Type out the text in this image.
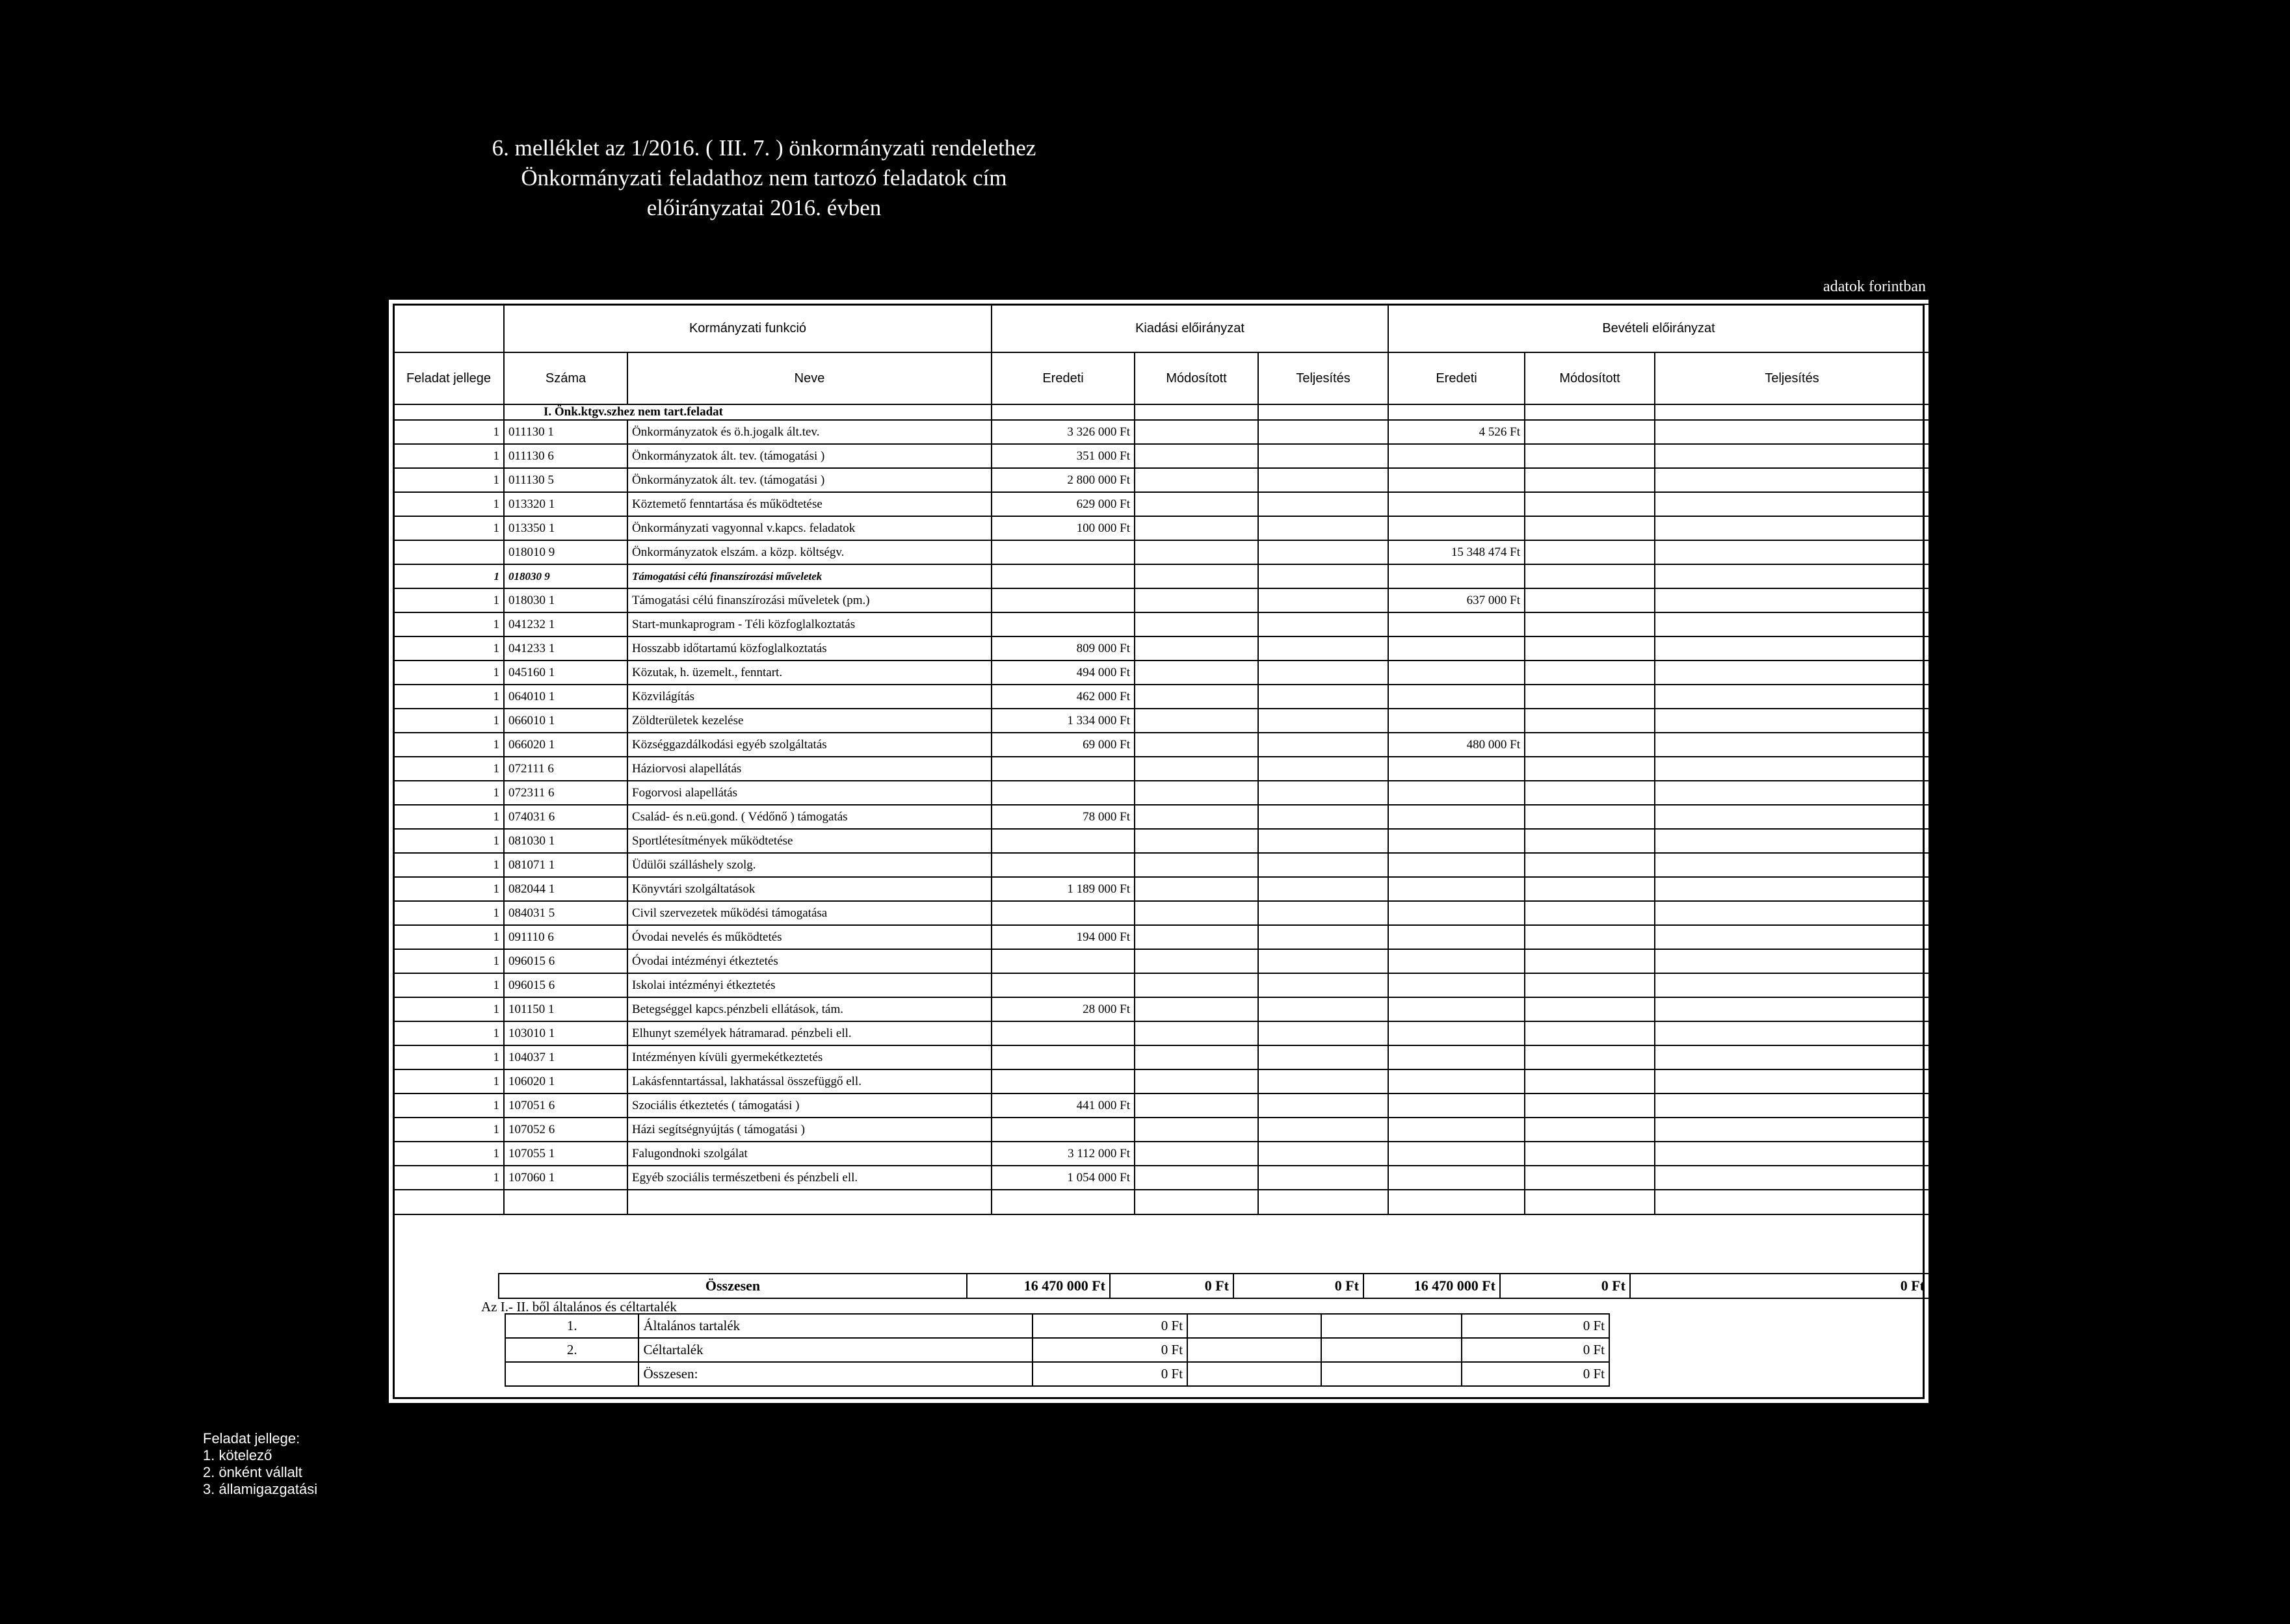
6. melléklet az 1/2016. ( III. 7. ) önkormányzati rendelethez
Önkormányzati feladathoz nem tartozó feladatok cím
előirányzatai 2016. évben
adatok forintban
	Kormányzati funkció		Kiadási előirányzat			Bevételi előirányzat		
Feladat jellege	Száma	Neve	Eredeti	Módosított	Teljesítés	Eredeti	Módosított	Teljesítés
	I. Önk.ktgv.szhez nem tart.feladat							
1	011130 1	Önkormányzatok és ö.h.jogalk ált.tev.	3 326 000 Ft			4 526 Ft		
1	011130 6	Önkormányzatok ált. tev. (támogatási )	351 000 Ft					
1	011130 5	Önkormányzatok ált. tev. (támogatási )	2 800 000 Ft					
1	013320 1	Köztemető fenntartása és működtetése	629 000 Ft					
1	013350 1	Önkormányzati vagyonnal v.kapcs. feladatok	100 000 Ft					
	018010 9	Önkormányzatok elszám. a közp. költségv.				15 348 474 Ft		
1	018030 9	Támogatási célú finanszírozási műveletek						
1	018030 1	Támogatási célú finanszírozási műveletek (pm.)				637 000 Ft		
1	041232 1	Start-munkaprogram - Téli közfoglalkoztatás						
1	041233 1	Hosszabb időtartamú közfoglalkoztatás	809 000 Ft					
1	045160 1	Közutak, h. üzemelt., fenntart.	494 000 Ft					
1	064010 1	Közvilágítás	462 000 Ft					
1	066010 1	Zöldterületek kezelése	1 334 000 Ft					
1	066020 1	Községgazdálkodási egyéb szolgáltatás	69 000 Ft			480 000 Ft		
1	072111 6	Háziorvosi alapellátás						
1	072311 6	Fogorvosi alapellátás						
1	074031 6	Család- és n.eü.gond. ( Védőnő ) támogatás	78 000 Ft					
1	081030 1	Sportlétesítmények működtetése						
1	081071 1	Üdülői szálláshely szolg.						
1	082044 1	Könyvtári szolgáltatások	1 189 000 Ft					
1	084031 5	Civil szervezetek működési támogatása						
1	091110 6	Óvodai nevelés és működtetés	194 000 Ft					
1	096015 6	Óvodai intézményi étkeztetés						
1	096015 6	Iskolai intézményi étkeztetés						
1	101150 1	Betegséggel kapcs.pénzbeli ellátások, tám.	28 000 Ft					
1	103010 1	Elhunyt személyek hátramarad. pénzbeli ell.						
1	104037 1	Intézményen kívüli gyermekétkeztetés						
1	106020 1	Lakásfenntartással, lakhatással összefüggő ell.						
1	107051 6	Szociális étkeztetés ( támogatási )	441 000 Ft					
1	107052 6	Házi segítségnyújtás ( támogatási )						
1	107055 1	Falugondnoki szolgálat	3 112 000 Ft					
1	107060 1	Egyéb szociális természetbeni és pénzbeli ell.	1 054 000 Ft					

Összesen	16 470 000 Ft	0 Ft	0 Ft	16 470 000 Ft	0 Ft	0 Ft
Az I.- II. ből általános és céltartalék
1.	Általános tartalék	0 Ft			0 Ft
2.	Céltartalék	0 Ft			0 Ft
	Összesen:	0 Ft			0 Ft
Feladat jellege:
1. kötelező
2. önként vállalt
3. államigazgatási
